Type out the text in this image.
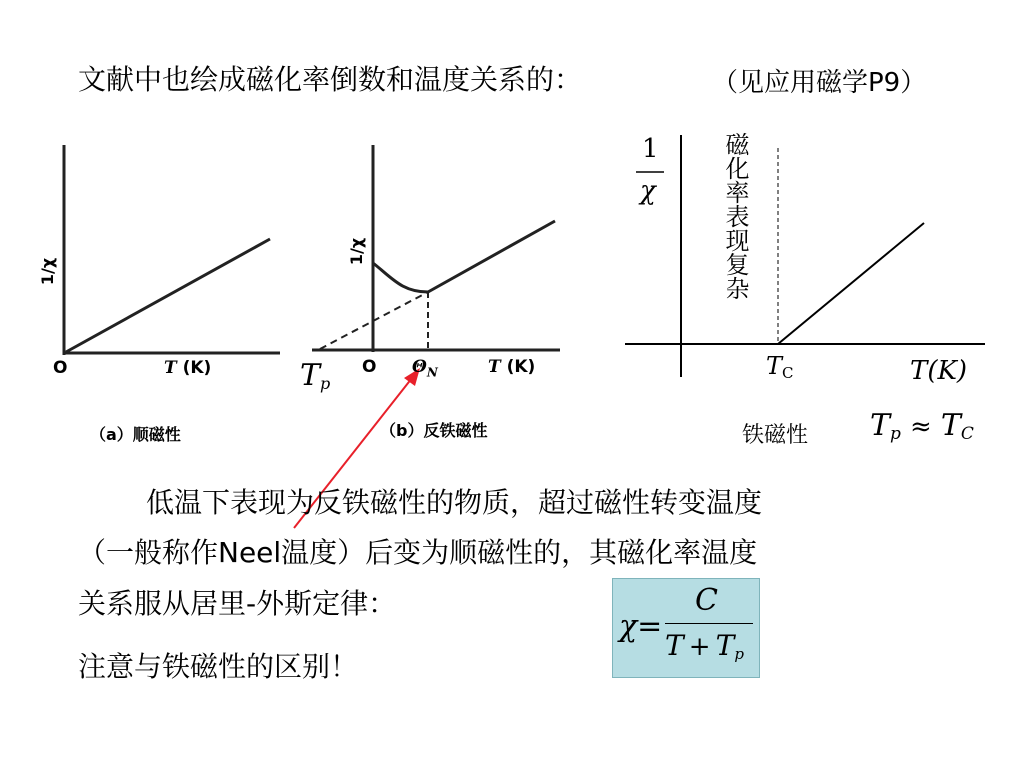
文献中也绘成磁化率倒数和温度关系的：	（见应用磁学P9）
1/χ
O	T (K)
（a）顺磁性
1/χ
O $\Theta_N$	T (K)
（b）反铁磁性
$T_p$
1
χ	磁化率表现复杂
$T_C$	T(K)
铁磁性 $T_p \approx T_C$
低温下表现为反铁磁性的物质，超过磁性转变温度
（一般称作Neel温度）后变为顺磁性的，其磁化率温度
关系服从居里-外斯定律：
注意与铁磁性的区别！
χ=
C
$T + T_p$
